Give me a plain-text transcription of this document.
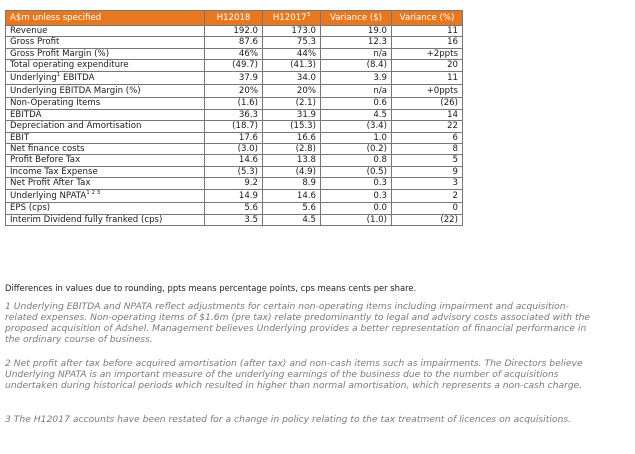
A$m unless specified	H12018	H12017$^3$	Variance ($)	Variance (%)
Revenue	192.0	173.0	19.0	11
Gross Profit	87.6	75.3	12.3	16
Gross Profit Margin (%)	46%	44%	n/a	+2ppts
Total operating expenditure	(49.7)	(41.3)	(8.4)	20
Underlying$^1$ EBITDA	37.9	34.0	3.9	11
Underlying EBITDA Margin (%)	20%	20%	n/a	+0ppts
Non-Operating Items	(1.6)	(2.1)	0.6	(26)
EBITDA	36.3	31.9	4.5	14
Depreciation and Amortisation	(18.7)	(15.3)	(3.4)	22
EBIT	17.6	16.6	1.0	6
Net finance costs	(3.0)	(2.8)	(0.2)	8
Profit Before Tax	14.6	13.8	0.8	5
Income Tax Expense	(5.3)	(4.9)	(0.5)	9
Net Profit After Tax	9.2	8.9	0.3	3
Underlying $NPATA^{1 2 3}$	14.9	14.6	0.3	2
EPS (cps)	5.6	5.6	0.0	0
Interim Dividend fully franked (cps)	3.5	4.5	(1.0)	(22)

Differences in values due to rounding, ppts means percentage points, cps means cents per share.

1 Underlying EBITDA and NPATA reflect adjustments for certain non-operating items including impairment and acquisition-related expenses. Non-operating items of $1.6m (pre tax) relate predominantly to legal and advisory costs associated with the proposed acquisition of Adshel. Management believes Underlying provides a better representation of financial performance in the ordinary course of business.

2 Net profit after tax before acquired amortisation (after tax) and non-cash items such as impairments. The Directors believe Underlying NPATA is an important measure of the underlying earnings of the business due to the number of acquisitions undertaken during historical periods which resulted in higher than normal amortisation, which represents a non-cash charge.

3 The H12017 accounts have been restated for a change in policy relating to the tax treatment of licences on acquisitions.
